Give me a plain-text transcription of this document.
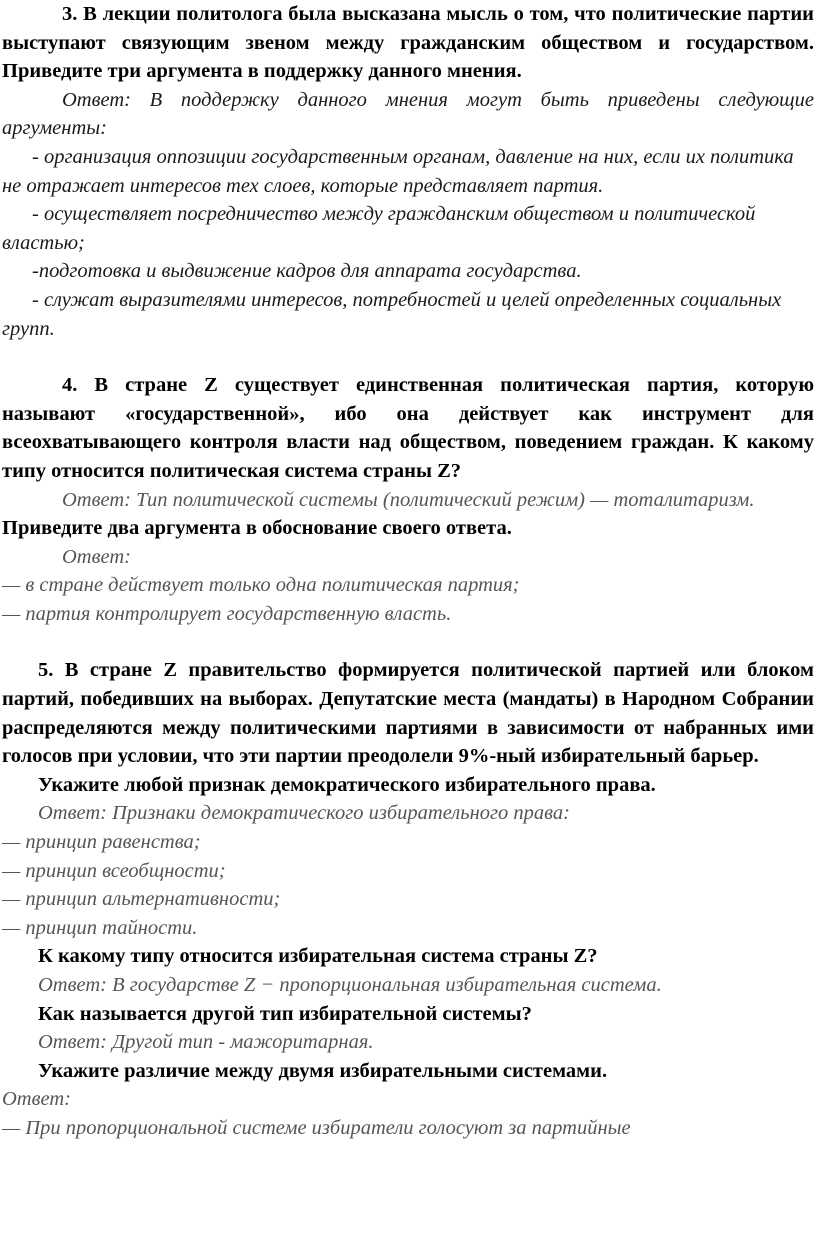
3. В лекции политолога была высказана мысль о том, что политические партии выступают связующим звеном между гражданским обществом и государством. Приведите три аргумента в поддержку данного мнения.

Ответ: В поддержку данного мнения могут быть приведены следующие аргументы:

- организация оппозиции государственным органам, давление на них, если их политика не отражает интересов тех слоев, которые представляет партия.

- осуществляет посредничество между гражданским обществом и политической властью;

-подготовка и выдвижение кадров для аппарата государства.

- служат выразителями интересов, потребностей и целей определенных социальных групп.

4. В стране Z существует единственная политическая партия, которую называют «государственной», ибо она действует как инструмент для всеохватывающего контроля власти над обществом, поведением граждан. К какому типу относится политическая система страны Z?

Ответ: Тип политической системы (политический режим) — тоталитаризм.

Приведите два аргумента в обоснование своего ответа.

Ответ:

— в стране действует только одна политическая партия;

— партия контролирует государственную власть.

5. В стране Z правительство формируется политической партией или блоком партий, победивших на выборах. Депутатские места (мандаты) в Народном Собрании распределяются между политическими партиями в зависимости от набранных ими голосов при условии, что эти партии преодолели 9%-ный избирательный барьер.

Укажите любой признак демократического избирательного права.

Ответ: Признаки демократического избирательного права:

— принцип равенства;

— принцип всеобщности;

— принцип альтернативности;

— принцип тайности.

К какому типу относится избирательная система страны Z?

Ответ: В государстве Z − пропорциональная избирательная система.

Как называется другой тип избирательной системы?

Ответ: Другой тип - мажоритарная.

Укажите различие между двумя избирательными системами.

Ответ:

— При пропорциональной системе избиратели голосуют за партийные
